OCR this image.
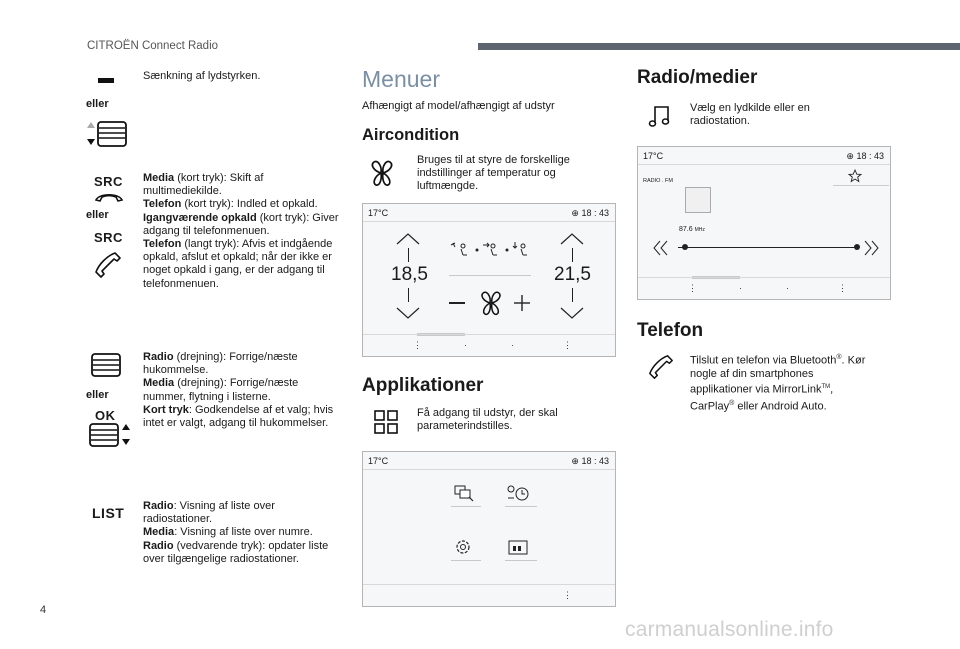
CITROËN Connect Radio
4
carmanualsonline.info
Sænkning af lydstyrken.
eller
SRC
eller
SRC
Media (kort tryk): Skift af multimediekilde.
Telefon (kort tryk): Indled et opkald.
Igangværende opkald (kort tryk): Giver adgang til telefonmenuen.
Telefon (langt tryk): Afvis et indgående opkald, afslut et opkald; når der ikke er noget opkald i gang, er der adgang til telefonmenuen.
eller
OK
Radio (drejning): Forrige/næste hukommelse.
Media (drejning): Forrige/næste nummer, flytning i listerne.
Kort tryk: Godkendelse af et valg; hvis intet er valgt, adgang til hukommelser.
LIST Radio: Visning af liste over radiostationer.
Media: Visning af liste over numre.
Radio (vedvarende tryk): opdater liste over tilgængelige radiostationer.
Menuer
Afhængigt af model/afhængigt af udstyr
Aircondition
Bruges til at styre de forskellige indstillinger af temperatur og luftmængde.
17°C	⊕ 18 : 43
18,5	21,5
⋮	·	·	⋮
Applikationer
Få adgang til udstyr, der skal parameterindstilles.
17°C	⊕ 18 : 43
⋮
Radio/medier
Vælg en lydkilde eller en radiostation.
17°C	⊕ 18 : 43
RADIO . FM
87.6 MHz
⋮	·	·	⋮
Telefon
Tilslut en telefon via Bluetooth®. Kør nogle af din smartphones applikationer via MirrorLink™, CarPlay® eller Android Auto.
